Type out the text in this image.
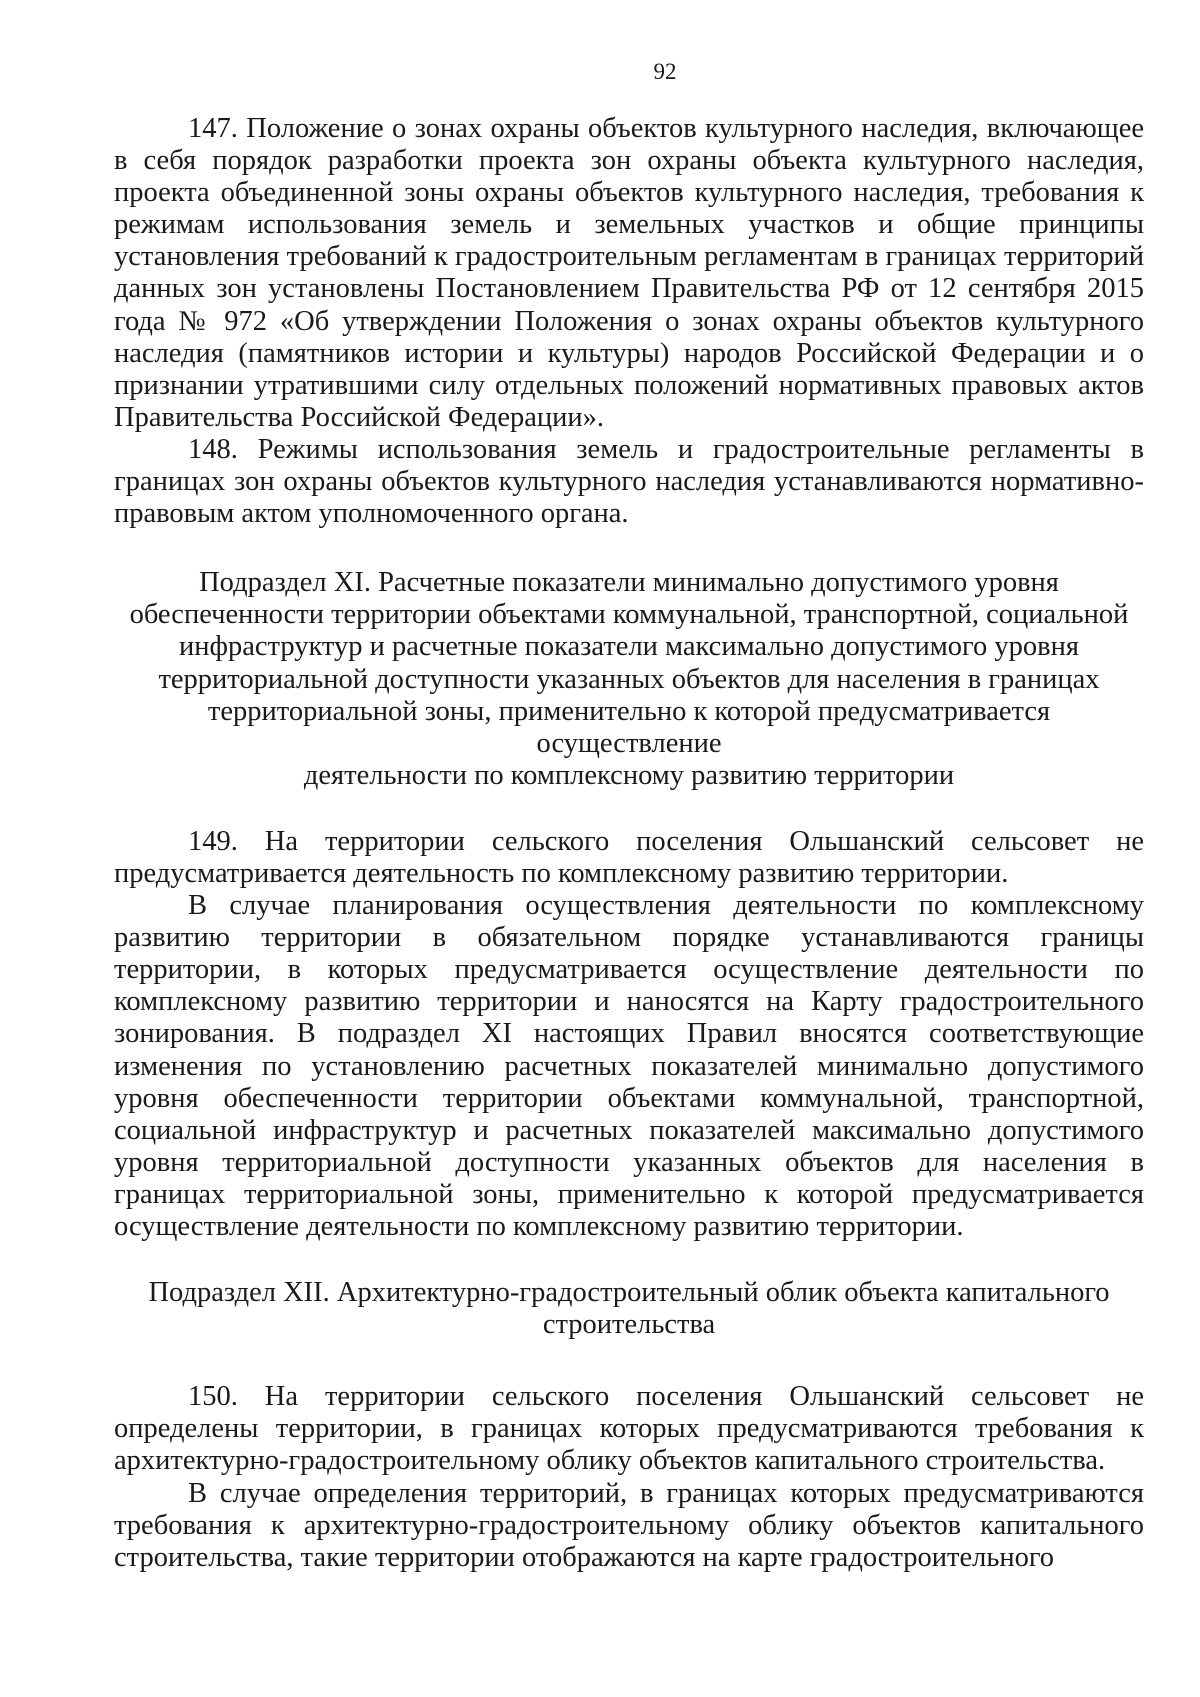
92

147. Положение о зонах охраны объектов культурного наследия, включающее в себя порядок разработки проекта зон охраны объекта культурного наследия, проекта объединенной зоны охраны объектов культурного наследия, требования к режимам использования земель и земельных участков и общие принципы установления требований к градостроительным регламентам в границах территорий данных зон установлены Постановлением Правительства РФ от 12 сентября 2015 года № 972 «Об утверждении Положения о зонах охраны объектов культурного наследия (памятников истории и культуры) народов Российской Федерации и о признании утратившими силу отдельных положений нормативных правовых актов Правительства Российской Федерации».

148. Режимы использования земель и градостроительные регламенты в границах зон охраны объектов культурного наследия устанавливаются нормативно-правовым актом уполномоченного органа.

Подраздел XI. Расчетные показатели минимально допустимого уровня
обеспеченности территории объектами коммунальной, транспортной, социальной
инфраструктур и расчетные показатели максимально допустимого уровня
территориальной доступности указанных объектов для населения в границах
территориальной зоны, применительно к которой предусматривается осуществление
деятельности по комплексному развитию территории

149. На территории сельского поселения Ольшанский сельсовет не предусматривается деятельность по комплексному развитию территории.

В случае планирования осуществления деятельности по комплексному развитию территории в обязательном порядке устанавливаются границы территории, в которых предусматривается осуществление деятельности по комплексному развитию территории и наносятся на Карту градостроительного зонирования. В подраздел XI настоящих Правил вносятся соответствующие изменения по установлению расчетных показателей минимально допустимого уровня обеспеченности территории объектами коммунальной, транспортной, социальной инфраструктур и расчетных показателей максимально допустимого уровня территориальной доступности указанных объектов для населения в границах территориальной зоны, применительно к которой предусматривается осуществление деятельности по комплексному развитию территории.

Подраздел XII. Архитектурно-градостроительный облик объекта капитального
строительства

150. На территории сельского поселения Ольшанский сельсовет не определены территории, в границах которых предусматриваются требования к архитектурно-градостроительному облику объектов капитального строительства.

В случае определения территорий, в границах которых предусматриваются требования к архитектурно-градостроительному облику объектов капитального строительства, такие территории отображаются на карте градостроительного
